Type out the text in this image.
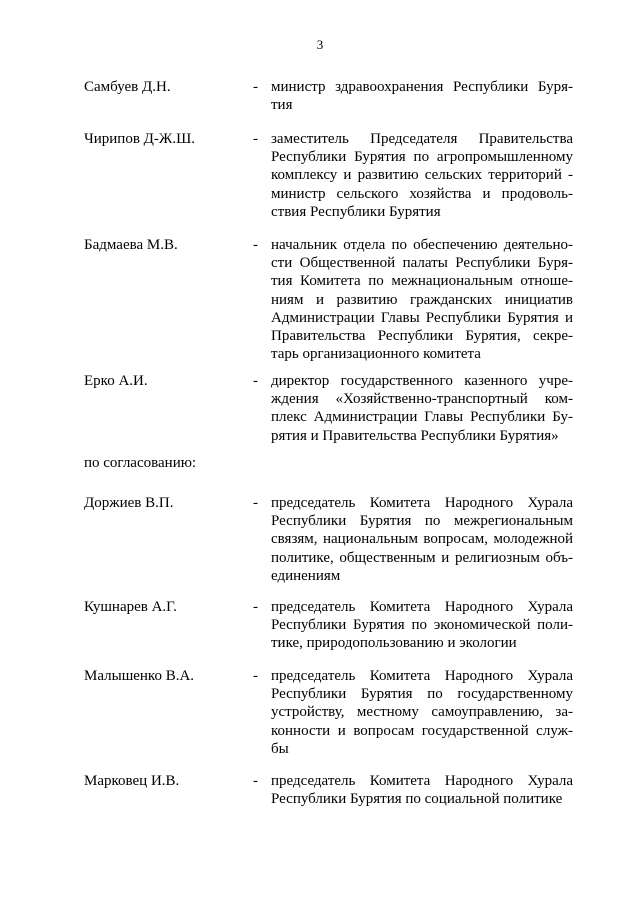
3
Самбуев Д.Н.	- министр здравоохранения Республики Буря-
тия
Чирипов Д-Ж.Ш.	- заместитель Председателя Правительства
Республики Бурятия по агропромышленному
комплексу и развитию сельских территорий -
министр сельского хозяйства и продоволь-
ствия Республики Бурятия
Бадмаева М.В.	- начальник отдела по обеспечению деятельно-
сти Общественной палаты Республики Буря-
тия Комитета по межнациональным отноше-
ниям и развитию гражданских инициатив
Администрации Главы Республики Бурятия и
Правительства Республики Бурятия, секре-
тарь организационного комитета
Ерко А.И.	- директор государственного казенного учре-
ждения «Хозяйственно-транспортный ком-
плекс Администрации Главы Республики Бу-
рятия и Правительства Республики Бурятия»
по согласованию:
Доржиев В.П.	- председатель Комитета Народного Хурала
Республики Бурятия по межрегиональным
связям, национальным вопросам, молодежной
политике, общественным и религиозным объ-
единениям
Кушнарев А.Г.	- председатель Комитета Народного Хурала
Республики Бурятия по экономической поли-
тике, природопользованию и экологии
Малышенко В.А.	- председатель Комитета Народного Хурала
Республики Бурятия по государственному
устройству, местному самоуправлению, за-
конности и вопросам государственной служ-
бы
Марковец И.В.	- председатель Комитета Народного Хурала
Республики Бурятия по социальной политике
